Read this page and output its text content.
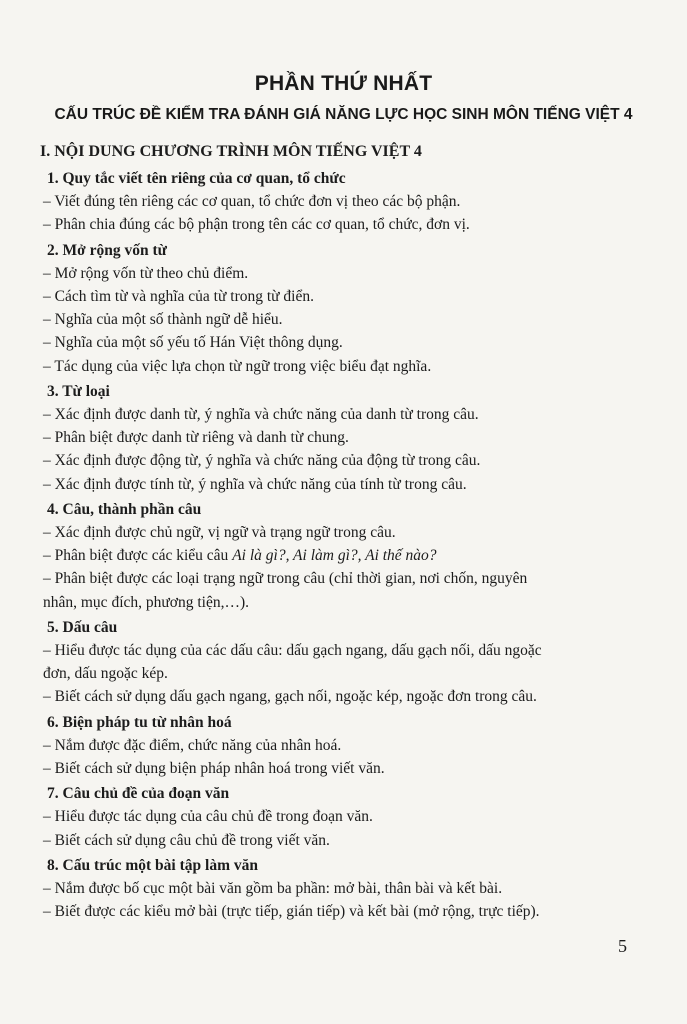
PHẦN THỨ NHẤT
CẤU TRÚC ĐỀ KIỂM TRA ĐÁNH GIÁ NĂNG LỰC HỌC SINH MÔN TIẾNG VIỆT 4
I. NỘI DUNG CHƯƠNG TRÌNH MÔN TIẾNG VIỆT 4
1. Quy tắc viết tên riêng của cơ quan, tổ chức
– Viết đúng tên riêng các cơ quan, tổ chức đơn vị theo các bộ phận.
– Phân chia đúng các bộ phận trong tên các cơ quan, tổ chức, đơn vị.
2. Mở rộng vốn từ
– Mở rộng vốn từ theo chủ điểm.
– Cách tìm từ và nghĩa của từ trong từ điển.
– Nghĩa của một số thành ngữ dễ hiểu.
– Nghĩa của một số yếu tố Hán Việt thông dụng.
– Tác dụng của việc lựa chọn từ ngữ trong việc biểu đạt nghĩa.
3. Từ loại
– Xác định được danh từ, ý nghĩa và chức năng của danh từ trong câu.
– Phân biệt được danh từ riêng và danh từ chung.
– Xác định được động từ, ý nghĩa và chức năng của động từ trong câu.
– Xác định được tính từ, ý nghĩa và chức năng của tính từ trong câu.
4. Câu, thành phần câu
– Xác định được chủ ngữ, vị ngữ và trạng ngữ trong câu.
– Phân biệt được các kiểu câu Ai là gì?, Ai làm gì?, Ai thế nào?
– Phân biệt được các loại trạng ngữ trong câu (chỉ thời gian, nơi chốn, nguyên
nhân, mục đích, phương tiện,…).
5. Dấu câu
– Hiểu được tác dụng của các dấu câu: dấu gạch ngang, dấu gạch nối, dấu ngoặc
đơn, dấu ngoặc kép.
– Biết cách sử dụng dấu gạch ngang, gạch nối, ngoặc kép, ngoặc đơn trong câu.
6. Biện pháp tu từ nhân hoá
– Nắm được đặc điểm, chức năng của nhân hoá.
– Biết cách sử dụng biện pháp nhân hoá trong viết văn.
7. Câu chủ đề của đoạn văn
– Hiểu được tác dụng của câu chủ đề trong đoạn văn.
– Biết cách sử dụng câu chủ đề trong viết văn.
8. Cấu trúc một bài tập làm văn
– Nắm được bố cục một bài văn gồm ba phần: mở bài, thân bài và kết bài.
– Biết được các kiểu mở bài (trực tiếp, gián tiếp) và kết bài (mở rộng, trực tiếp).
5
